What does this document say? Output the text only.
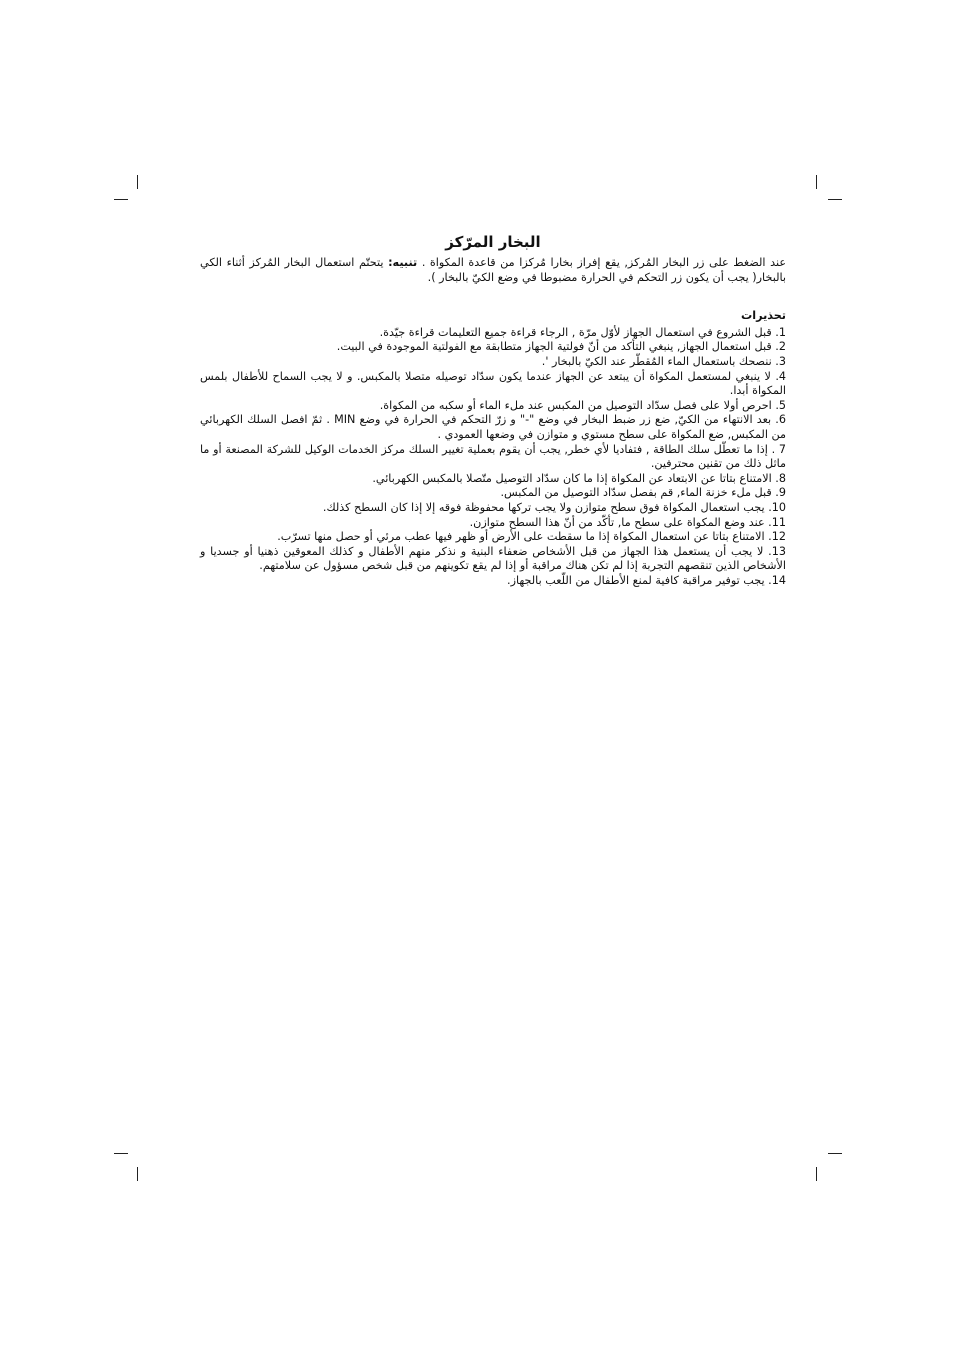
البخار المرّكز

عند الضغط على زر البخار المُركز, يقع إفراز بخارا مُركزا من قاعدة المكواة . تنبيه: يتحتّم استعمال البخار المُركز أثناء الكي بالبخار( يجب أن يكون زر التحكم في الحرارة مضبوطا في وضع الكيّ بالبخار ).

تحذيرات

1. قبل الشروع في استعمال الجهاز لأوّل مرّة , الرجاء قراءة جميع التعليمات قراءة جيّدة.

2. قبل استعمال الجهاز, ينبغي التأكد من أنّ فولتية الجهاز متطابقة مع الفولتية الموجودة في البيت.

3. ننصحك باستعمال الماء المُقطّر عند الكيّ بالبخار '.

4. لا ينبغي لمستعمل المكواة أن يبتعد عن الجهاز عندما يكون سدّاد توصيله متصلا بالمكبس. و لا يجب السماح للأطفال بلمس المكواة أبدا.

5. احرص أولا على فصل سدّاد التوصيل من المكبس عند ملء الماء أو سكبه من المكواة.

6. بعد الانتهاء من الكيّ, ضع زر ضبط البخار في وضع "-" و زرّ التحكم في الحرارة في وضع MIN . ثمّ افصل السلك الكهربائي من المكبس, ضع المكواة على سطح مستوي و متوازن في وضعها العمودي .

7 . إذا ما تعطّل سلك الطاقة , فتفاديا لأي خطر, يجب أن يقوم بعملية تغيير السلك مركز الخدمات الوكيل للشركة المصنعة أو ما ماثل ذلك من تقنين محترفين.

8. الامتناع بتاتا عن الابتعاد عن المكواة إذا ما كان سدّاد التوصيل متّصلا بالمكبس الكهربائي.

9. قبل ملء خزنة الماء, قم بفصل سدّاد التوصيل من المكبس.

10. يجب استعمال المكواة فوق سطح متوازن ولا يجب تركها محفوظة فوقه إلا إذا كان السطح كذلك.

11. عند وضع المكواة على سطح ما, تأكّد من أنّ هذا السطح متوازن.

12. الامتناع بتاتا عن استعمال المكواة إذا ما سقطت على الأرض أو ظهر فيها عطب مرئي أو حصل منها تسرّب.

13. لا يجب أن يستعمل هذا الجهاز من قبل الأشخاص ضعفاء البنية و نذكر منهم الأطفال و كذلك المعوقين ذهنيا أو جسديا و الأشخاص الذين تنقصهم التجربة إذا لم تكن هناك مراقبة أو إذا لم يقع تكوينهم من قبل شخص مسؤول عن سلامتهم.

14. يجب توفير مراقبة كافية لمنع الأطفال من اللّعب بالجهاز.
